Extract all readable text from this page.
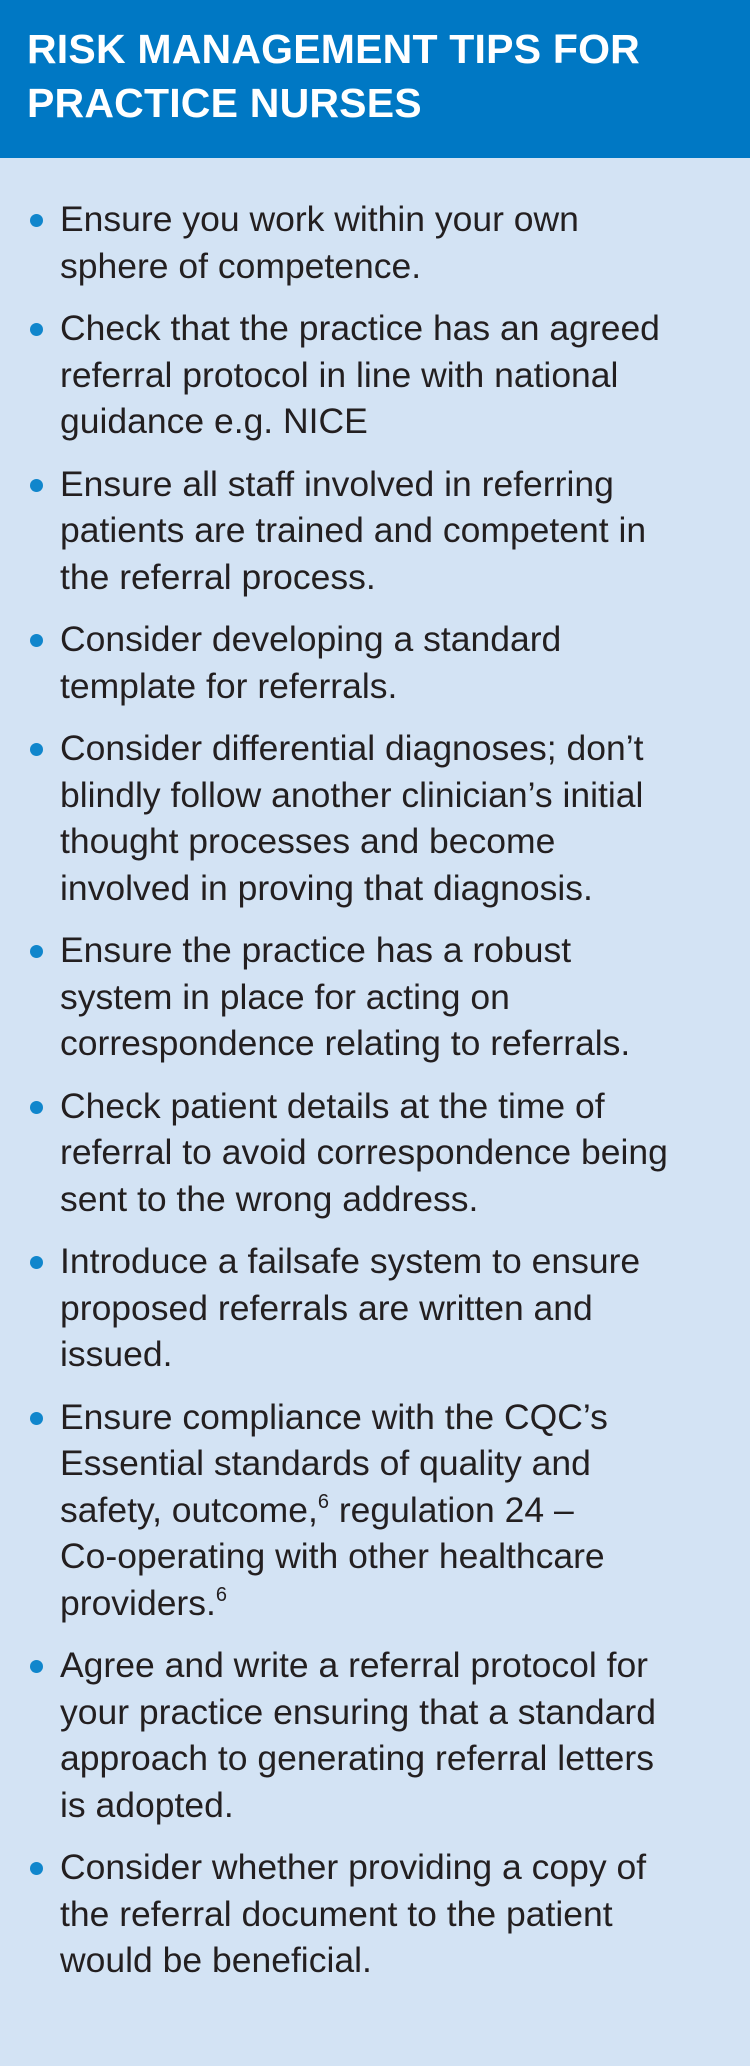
RISK MANAGEMENT TIPS FOR
PRACTICE NURSES
Ensure you work within your own
sphere of competence.
Check that the practice has an agreed
referral protocol in line with national
guidance e.g. NICE
Ensure all staff involved in referring
patients are trained and competent in
the referral process.
Consider developing a standard
template for referrals.
Consider differential diagnoses; don’t
blindly follow another clinician’s initial
thought processes and become
involved in proving that diagnosis.
Ensure the practice has a robust
system in place for acting on
correspondence relating to referrals.
Check patient details at the time of
referral to avoid correspondence being
sent to the wrong address.
Introduce a failsafe system to ensure
proposed referrals are written and
issued.
Ensure compliance with the CQC’s
Essential standards of quality and
safety, outcome,$^6$ regulation 24 –
Co-operating with other healthcare
providers.$^6$
Agree and write a referral protocol for
your practice ensuring that a standard
approach to generating referral letters
is adopted.
Consider whether providing a copy of
the referral document to the patient
would be beneficial.
